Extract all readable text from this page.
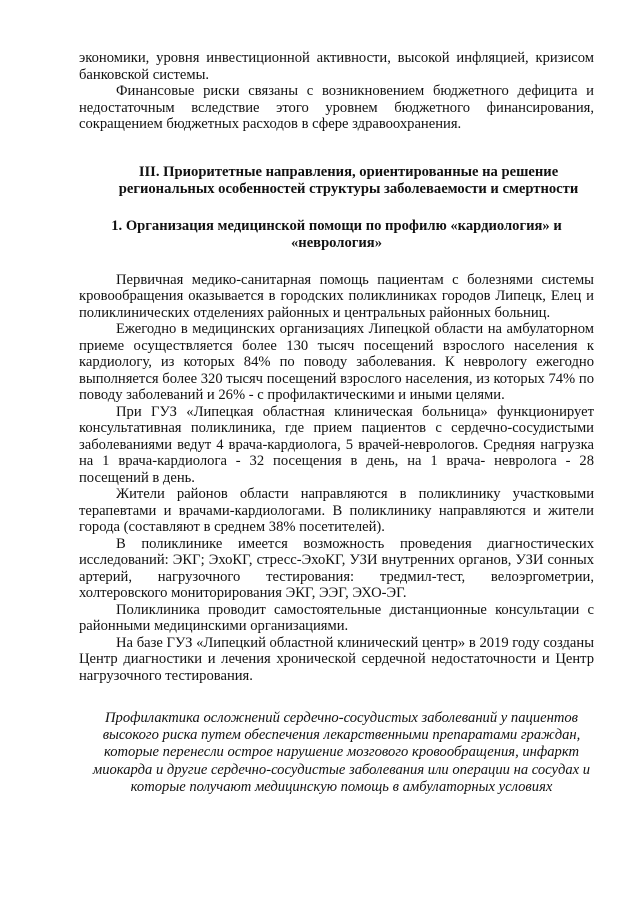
экономики, уровня инвестиционной активности, высокой инфляцией, кризисом банковской системы.

Финансовые риски связаны с возникновением бюджетного дефицита и недостаточным вследствие этого уровнем бюджетного финансирования, сокращением бюджетных расходов в сфере здравоохранения.

III. Приоритетные направления, ориентированные на решение региональных особенностей структуры заболеваемости и смертности

1. Организация медицинской помощи по профилю «кардиология» и «неврология»

Первичная медико-санитарная помощь пациентам с болезнями системы кровообращения оказывается в городских поликлиниках городов Липецк, Елец и поликлинических отделениях районных и центральных районных больниц.

Ежегодно в медицинских организациях Липецкой области на амбулаторном приеме осуществляется более 130 тысяч посещений взрослого населения к кардиологу, из которых 84% по поводу заболевания. К неврологу ежегодно выполняется более 320 тысяч посещений взрослого населения, из которых 74% по поводу заболеваний и 26% - с профилактическими и иными целями.

При ГУЗ «Липецкая областная клиническая больница» функционирует консультативная поликлиника, где прием пациентов с сердечно-сосудистыми заболеваниями ведут 4 врача-кардиолога, 5 врачей-неврологов. Средняя нагрузка на 1 врача-кардиолога - 32 посещения в день, на 1 врача- невролога - 28 посещений в день.

Жители районов области направляются в поликлинику участковыми терапевтами и врачами-кардиологами. В поликлинику направляются и жители города (составляют в среднем 38% посетителей).

В поликлинике имеется возможность проведения диагностических исследований: ЭКГ; ЭхоКГ, стресс-ЭхоКГ, УЗИ внутренних органов, УЗИ сонных артерий, нагрузочного тестирования: тредмил-тест, велоэргометрии, холтеровского мониторирования ЭКГ, ЭЭГ, ЭХО-ЭГ.

Поликлиника проводит самостоятельные дистанционные консультации с районными медицинскими организациями.

На базе ГУЗ «Липецкий областной клинический центр» в 2019 году созданы Центр диагностики и лечения хронической сердечной недостаточности и Центр нагрузочного тестирования.

Профилактика осложнений сердечно-сосудистых заболеваний у пациентов высокого риска путем обеспечения лекарственными препаратами граждан, которые перенесли острое нарушение мозгового кровообращения, инфаркт миокарда и другие сердечно-сосудистые заболевания или операции на сосудах и которые получают медицинскую помощь в амбулаторных условиях
